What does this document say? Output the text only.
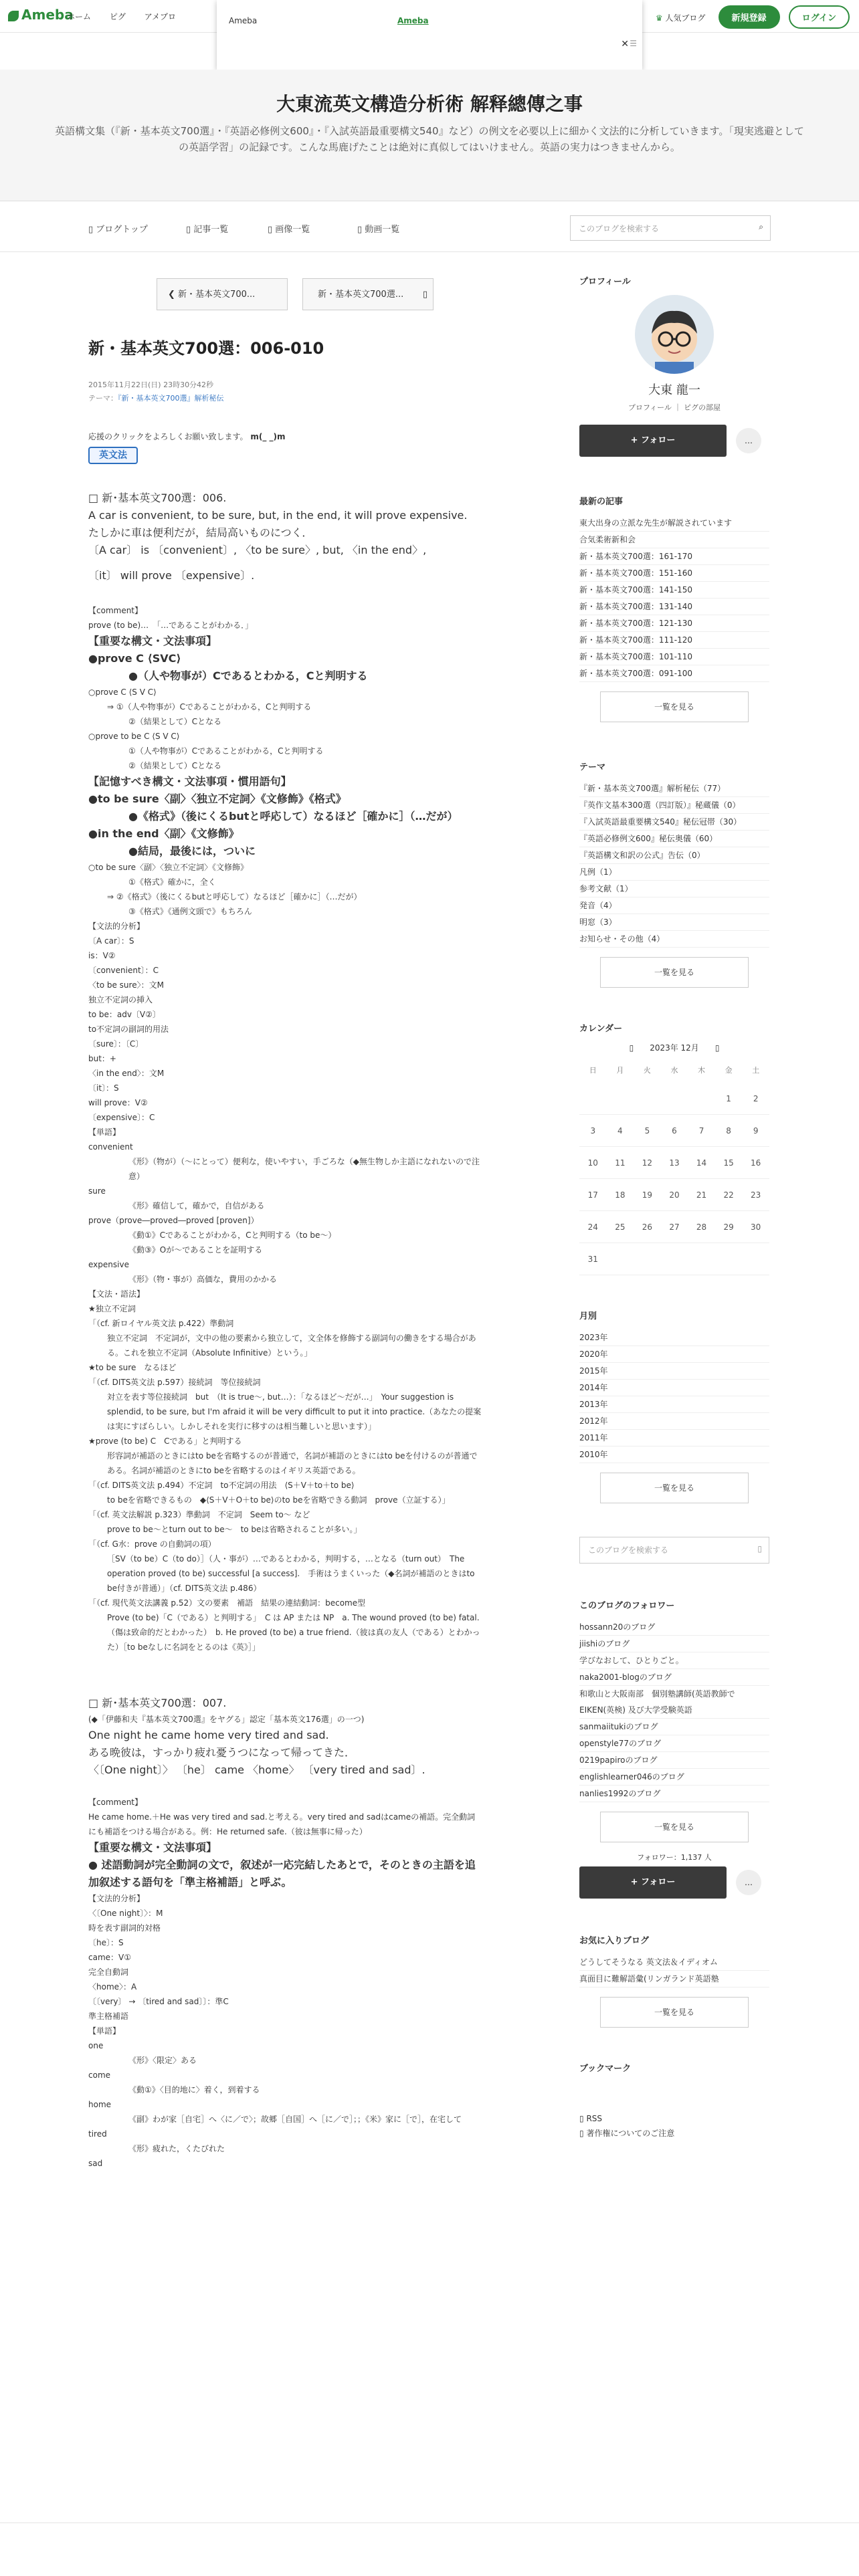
Ameba
ホーム ピグ アメブロ	♛ 人気ブログ	新規登録	ログイン
Ameba	Ameba
✕ ☰
大東流英文構造分析術 解释總傳之事
英語構文集（『新・基本英文700選』・『英語必修例文600』・『入試英語最重要構文540』など）の例文を必要以上に細かく文法的に分析していきます。「現実逃避としての英語学習」の記録です。こんな馬鹿げたことは絶対に真似してはいけません。英語の実力はつきませんから。
▯ ブログトップ	▯ 記事一覧	▯ 画像一覧	▯ 動画一覧	このブログを検索する	⌕
❮ 新・基本英文700...	新・基本英文700選... ▯
新・基本英文700選：006-010
2015年11月22日(日) 23時30分42秒
テーマ：『新・基本英文700選』解析秘伝
応援のクリックをよろしくお願い致します。 m(_ _)m
英文法
□ 新･基本英文700選：006.
A car is convenient, to be sure, but, in the end, it will prove expensive.
たしかに車は便利だが，結局高いものにつく．
〔A car〕 is 〔convenient〕, 〈to be sure〉, but, 〈in the end〉,
〔it〕 will prove 〔expensive〕.
【comment】
prove (to be)…　「…であることがわかる．」
【重要な構文・文法事項】
●prove C ⟨SVC⟩
●（人や物事が）Cであるとわかる，Cと判明する
○prove C ⟨S V C⟩
⇒ ①（人や物事が）Cであることがわかる，Cと判明する
②（結果として）Cとなる
○prove to be C ⟨S V C⟩
①（人や物事が）Cであることがわかる，Cと判明する
②（結果として）Cとなる
【記憶すべき構文・文法事項・慣用語句】
●to be sure〈副〉〈独立不定詞〉《文修飾》《格式》
●《格式》（後にくるbutと呼応して）なるほど［確かに］（…だが）
●in the end〈副〉《文修飾》
●結局，最後には，ついに
○to be sure〈副〉〈独立不定詞〉《文修飾》
①《格式》確かに，全く
⇒ ②《格式》（後にくるbutと呼応して）なるほど［確かに］（…だが）
③《格式》《通例文頭で》もちろん
【文法的分析】
〔A car〕：S
is：V②
〔convenient〕：C
〈to be sure〉：文M
独立不定詞の挿入
to be：adv〔V②〕
to不定詞の副詞的用法
〔sure〕：〔C〕
but：+
〈in the end〉：文M
〔it〕：S
will prove：V②
〔expensive〕：C
【単語】
convenient
《形》（物が）（〜にとって）便利な，使いやすい，手ごろな（◆無生物しか主語になれないので注意）
sure
《形》確信して，確かで，自信がある
prove（prove―proved―proved [proven]）
《動①》Cであることがわかる，Cと判明する（to be〜）
《動③》Oが〜であることを証明する
expensive
《形》（物・事が）高価な，費用のかかる
【文法・語法】
★独立不定詞
「（cf. 新ロイヤル英文法 p.422）準動詞
独立不定詞　不定詞が，文中の他の要素から独立して，文全体を修飾する副詞句の働きをする場合がある。これを独立不定詞（Absolute Infinitive）という。」
★to be sure　なるほど
「（cf. DITS英文法 p.597）接続詞　等位接続詞
対立を表す等位接続詞　but　（It is true〜, but…）：「なるほど〜だが…」　Your suggestion is splendid, to be sure, but I'm afraid it will be very difficult to put it into practice.（あなたの提案は実にすばらしい。しかしそれを実行に移すのは相当難しいと思います）」
★prove (to be) C　Cである」と判明する
形容詞が補語のときにはto beを省略するのが普通で，名詞が補語のときにはto beを付けるのが普通である。名詞が補語のときにto beを省略するのはイギリス英語である。
「（cf. DITS英文法 p.494）不定詞　to不定詞の用法　⟨S＋V＋to＋to be⟩
to beを省略できるもの　◆⟨S＋V＋O＋to be⟩のto beを省略できる動詞　prove（立証する）」
「（cf. 英文法解説 p.323）準動詞　不定詞　Seem to〜 など
prove to be〜とturn out to be〜　to beは省略されることが多い。」
「（cf. G水：prove の自動詞の項）
［SV（to be）C（to do）］（人・事が）…であるとわかる，判明する，…となる（turn out）　The operation proved (to be) successful [a success].　手術はうまくいった（◆名詞が補語のときはto be付きが普通）」（cf. DITS英文法 p.486）
「（cf. 現代英文法講義 p.52）文の要素　補語　結果の連結動詞：become型
Prove (to be)「C（である）と判明する」　C は AP または NP　a. The wound proved (to be) fatal.（傷は致命的だとわかった）　b. He proved (to be) a true friend.（彼は真の友人（である）とわかった）［to beなしに名詞をとるのは《英》］」
□ 新･基本英文700選：007.
(◆「伊藤和夫『基本英文700選』をヤグる」認定「基本英文176選」の一つ)
One night he came home very tired and sad.
ある晩彼は，すっかり疲れ憂うつになって帰ってきた．
〈〔One night〕〉 〔he〕 came 〈home〉 〔very tired and sad〕.
【comment】
He came home.＋He was very tired and sad.と考える。very tired and sadはcameの補語。完全動詞にも補語をつける場合がある。例：He returned safe.（彼は無事に帰った）
【重要な構文・文法事項】
● 述語動詞が完全動詞の文で，叙述が一応完結したあとで，そのときの主語を追加叙述する語句を「準主格補語」と呼ぶ。
【文法的分析】
〈〔One night〕〉：M
時を表す副詞的対格
〔he〕：S
came：V①
完全自動詞
〈home〉：A
〔〔very〕 → 〔tired and sad〕〕：準C
準主格補語
【単語】
one
《形》〈限定〉ある
come
《動①》〈目的地に〉着く，到着する
home
《副》わが家［自宅］へ〈に／で〉；故郷［自国］へ［に／で］；；《米》家に［で］，在宅して
tired
《形》疲れた，くたびれた
sad
プロフィール
大東 龍一
プロフィール ｜ ピグの部屋
+ フォロー	…
最新の記事
東大出身の立派な先生が解説されています
合気柔術新和会
新・基本英文700選：161-170
新・基本英文700選：151-160
新・基本英文700選：141-150
新・基本英文700選：131-140
新・基本英文700選：121-130
新・基本英文700選：111-120
新・基本英文700選：101-110
新・基本英文700選：091-100
一覧を見る
テーマ
『新・基本英文700選』解析秘伝（77）
『英作文基本300選（四訂版）』秘蔵儀（0）
『入試英語最重要構文540』秘伝冠帯（30）
『英語必修例文600』秘伝奥儀（60）
『英語構文和訳の公式』告伝（0）
凡例（1）
参考文献（1）
発音（4）
明窓（3）
お知らせ・その他（4）
一覧を見る
カレンダー
▯ 2023年 12月 ▯
日	月	火	水	木	金	土
					1	2
3	4	5	6	7	8	9
10	11	12	13	14	15	16
17	18	19	20	21	22	23
24	25	26	27	28	29	30
31						
月別
2023年
2020年
2015年
2014年
2013年
2012年
2011年
2010年
一覧を見る
このブログを検索する	▯
このブログのフォロワー
hossann20のブログ
jiishiのブログ
学びなおして、ひとりごと。
naka2001-blogのブログ
和歌山と大阪南部　個別塾講師(英語教師で EIKEN(英検) 及び大学受験英語
sanmaiitukiのブログ
openstyle77のブログ
0219papiroのブログ
englishlearner046のブログ
nanlies1992のブログ
一覧を見る
フォロワー：1,137 人
+ フォロー	…
お気に入りブログ
どうしてそうなる 英文法＆イディオム
真面目に難解語彙(リンガランド英語塾
一覧を見る
ブックマーク
▯ RSS
▯ 著作権についてのご注意
